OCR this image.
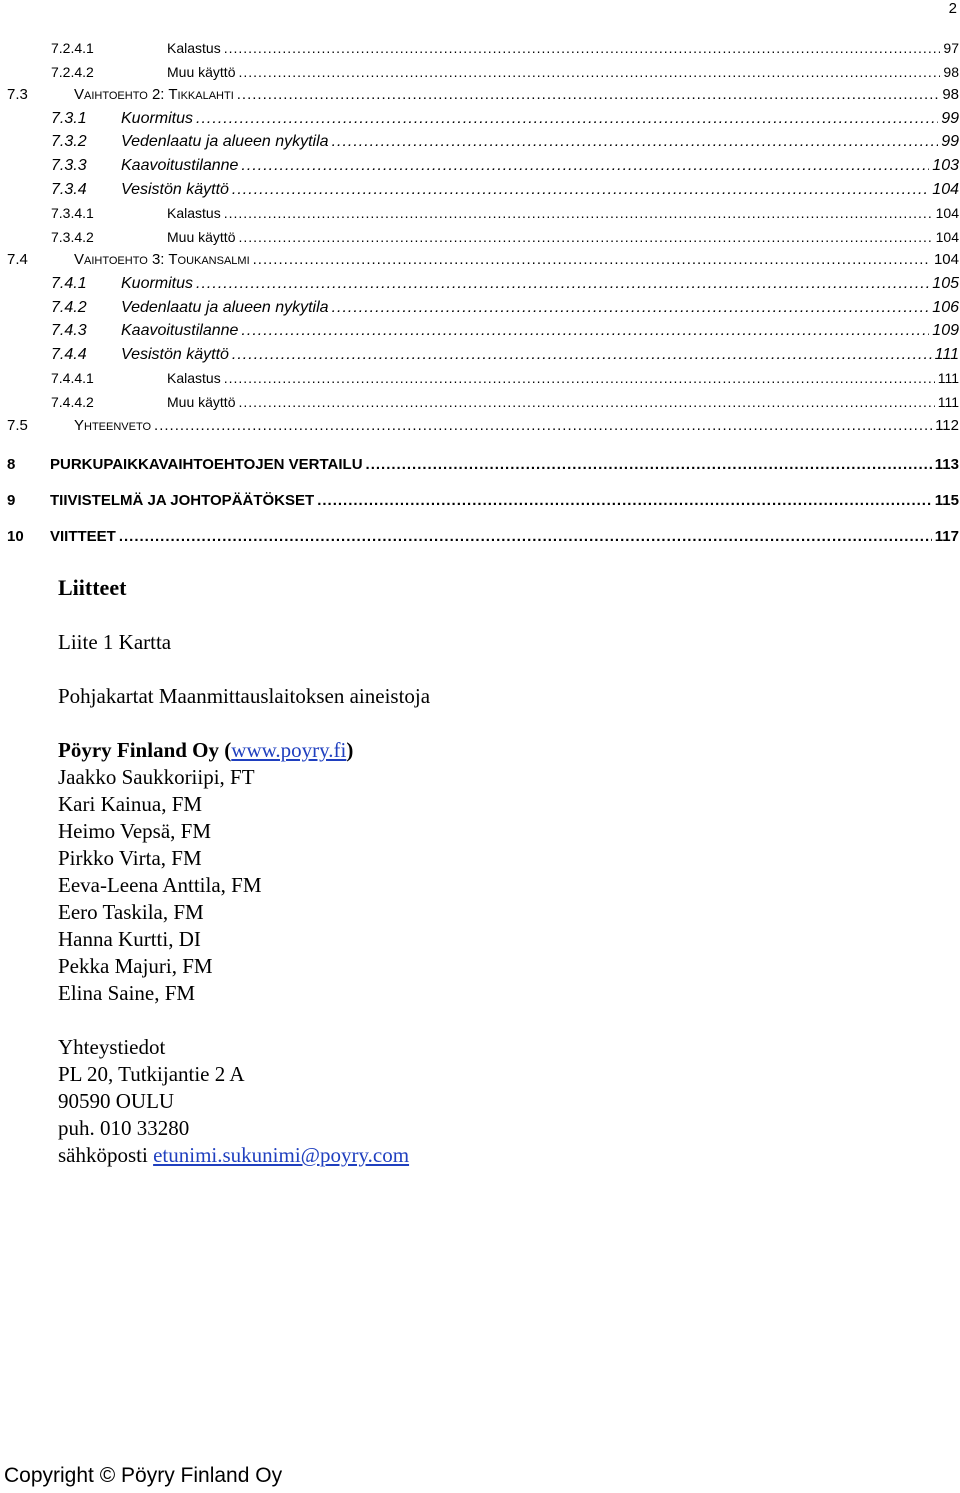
2
7.2.4.1	Kalastus .....	97
7.2.4.2	Muu käyttö .....	98
7.3	Vaihtoehto 2: Tikkalahti .....	98
7.3.1	Kuormitus .....	99
7.3.2	Vedenlaatu ja alueen nykytila .....	99
7.3.3	Kaavoitustilanne .....	103
7.3.4	Vesistön käyttö .....	104
7.3.4.1	Kalastus .....	104
7.3.4.2	Muu käyttö .....	104
7.4	Vaihtoehto 3: Toukansalmi .....	104
7.4.1	Kuormitus .....	105
7.4.2	Vedenlaatu ja alueen nykytila .....	106
7.4.3	Kaavoitustilanne .....	109
7.4.4	Vesistön käyttö .....	111
7.4.4.1	Kalastus .....	111
7.4.4.2	Muu käyttö .....	111
7.5	Yhteenveto .....	112
8	PURKUPAIKKAVAIHTOEHTOJEN VERTAILU .....	113
9	TIIVISTELMÄ JA JOHTOPÄÄTÖKSET .....	115
10	VIITTEET .....	117
Liitteet
Liite 1 Kartta
Pohjakartat Maanmittauslaitoksen aineistoja
Pöyry Finland Oy (www.poyry.fi)
Jaakko Saukkoriipi, FT
Kari Kainua, FM
Heimo Vepsä, FM
Pirkko Virta, FM
Eeva-Leena Anttila, FM
Eero Taskila, FM
Hanna Kurtti, DI
Pekka Majuri, FM
Elina Saine, FM
Yhteystiedot
PL 20, Tutkijantie 2 A
90590 OULU
puh. 010 33280
sähköposti etunimi.sukunimi@poyry.com
Copyright © Pöyry Finland Oy
